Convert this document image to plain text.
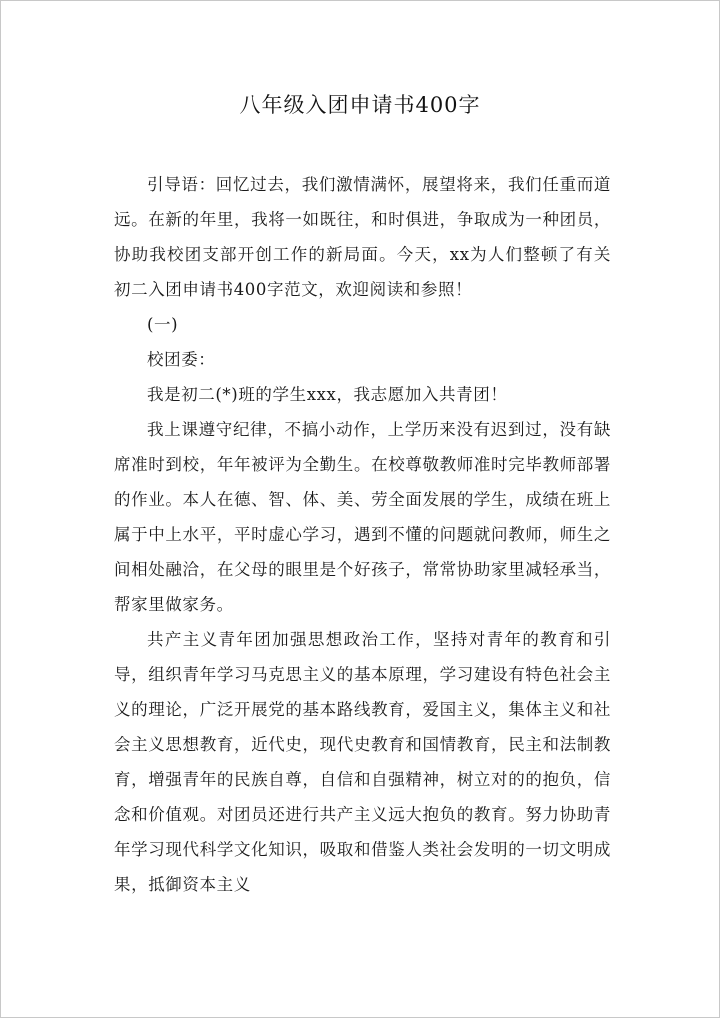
八年级入团申请书400字

引导语：回忆过去，我们激情满怀，展望将来，我们任重而道远。在新的年里，我将一如既往，和时俱进，争取成为一种团员，协助我校团支部开创工作的新局面。今天，xx为人们整顿了有关初二入团申请书400字范文，欢迎阅读和参照！

(一)

校团委：

我是初二(*)班的学生xxx，我志愿加入共青团！

我上课遵守纪律，不搞小动作，上学历来没有迟到过，没有缺席准时到校，年年被评为全勤生。在校尊敬教师准时完毕教师部署的作业。本人在德、智、体、美、劳全面发展的学生，成绩在班上属于中上水平，平时虚心学习，遇到不懂的问题就问教师，师生之间相处融洽，在父母的眼里是个好孩子，常常协助家里减轻承当，帮家里做家务。

共产主义青年团加强思想政治工作，坚持对青年的教育和引导，组织青年学习马克思主义的基本原理，学习建设有特色社会主义的理论，广泛开展党的基本路线教育，爱国主义，集体主义和社会主义思想教育，近代史，现代史教育和国情教育，民主和法制教育，增强青年的民族自尊，自信和自强精神，树立对的的抱负，信念和价值观。对团员还进行共产主义远大抱负的教育。努力协助青年学习现代科学文化知识，吸取和借鉴人类社会发明的一切文明成果，抵御资本主义
